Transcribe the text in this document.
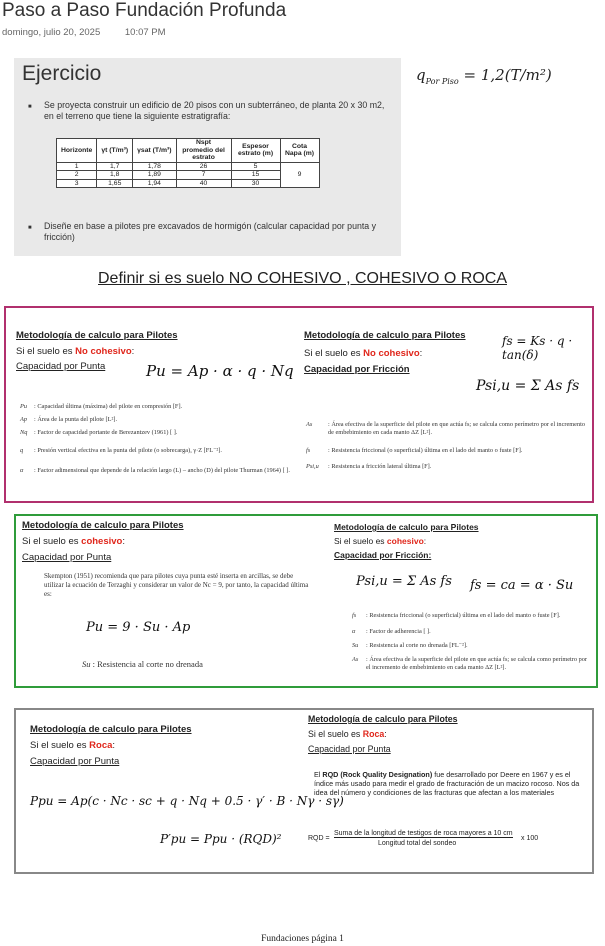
Paso a Paso Fundación Profunda
domingo, julio 20, 2025	10:07 PM
Ejercicio
■ Se proyecta construir un edificio de 20 pisos con un subterráneo, de planta 20 x 30 m2, en el terreno que tiene la siguiente estratigrafía:
Horizonte	γt (T/m³)	γsat (T/m³)	Nspt promedio del estrato	Espesor estrato (m)	Cota Napa (m)
1	1,7	1,78	26	5	9
2	1,8	1,89	7	15	
3	1,65	1,94	40	30	
■ Diseñe en base a pilotes pre excavados de hormigón (calcular capacidad por punta y fricción)
$q_{Por Piso} = 1,2(T/m^2)$
Definir si es suelo NO COHESIVO , COHESIVO O ROCA
Metodología de calculo para Pilotes
Si el suelo es No cohesivo:
Capacidad por Punta	Pu = Ap · α · q · Nq
Pu : Capacidad última (máxima) del pilote en compresión [F].
Ap : Área de la punta del pilote [L²].
Nq : Factor de capacidad portante de Berezantzev (1961) [ ].
q : Presión vertical efectiva en la punta del pilote (o sobrecarga), γ·Z [FL⁻²].
α : Factor adimensional que depende de la relación largo (L) – ancho (D) del pilote Thurman (1964) [ ].
Metodología de calculo para Pilotes	fs = Ks · q · tan(δ)
Si el suelo es No cohesivo:
Capacidad por Fricción
Psi,u = Σ As fs
As : Área efectiva de la superficie del pilote en que actúa fs; se calcula como perímetro por el incremento de embebimiento en cada manto ΔZ [L²].
fs	: Resistencia friccional (o superficial) última en el lado del manto o fuste [F].
Psi,u : Resistencia a fricción lateral última [F].
Metodología de calculo para Pilotes
Si el suelo es cohesivo:
Capacidad por Punta
Skempton (1951) recomienda que para pilotes cuya punta esté inserta en arcillas, se debe utilizar la ecuación de Terzaghi y considerar un valor de Nc = 9, por tanto, la capacidad última es:
Pu = 9 · Su · Ap
Su : Resistencia al corte no drenada
Metodología de calculo para Pilotes
Si el suelo es cohesivo:
Capacidad por Fricción:
Psi,u = Σ As fs fs = ca = α · Su
fs : Resistencia friccional (o superficial) última en el lado del manto o fuste [F].
α : Factor de adherencia [ ].
Su : Resistencia al corte no drenada [FL⁻²].
As : Área efectiva de la superficie del pilote en que actúa fs; se calcula como perímetro por el incremento de embebimiento en cada manto ΔZ [L²].
Metodología de calculo para Pilotes
Si el suelo es Roca:
Capacidad por Punta
Ppu = Ap(c · Nc · sc + q · Nq + 0.5 · γ′ · B · Nγ · sγ)
P′pu = Ppu · (RQD)²
Metodología de calculo para Pilotes
Si el suelo es Roca:
Capacidad por Punta
El RQD (Rock Quality Designation) fue desarrollado por Deere en 1967 y es el índice más usado para medir el grado de fracturación de un macizo rocoso. Nos da idea del número y condiciones de las fracturas que afectan a los materiales
RQD =
Suma de la longitud de testigos de roca mayores a 10 cm
Longitud total del sondeo
x 100
Fundaciones página 1
